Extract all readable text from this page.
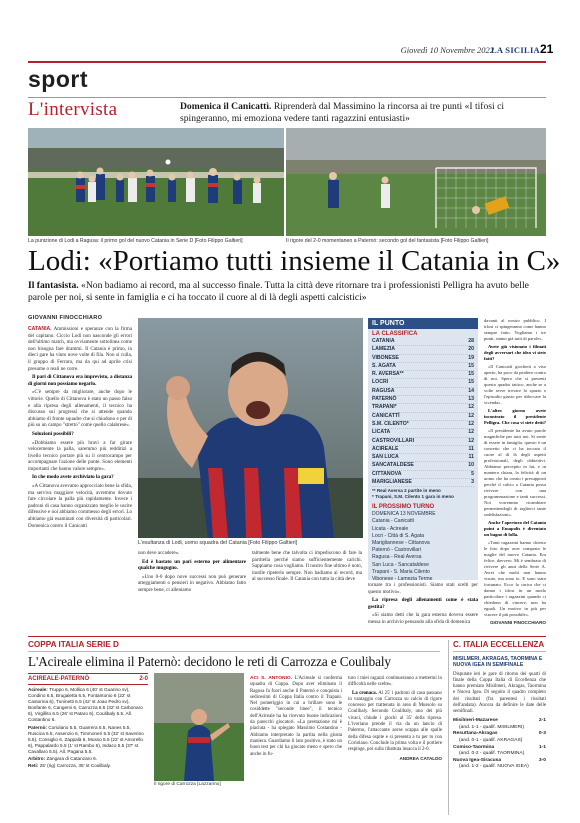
Giovedì 10 Novembre 2022
LA SICILIA 21
sport
L'intervista	Domenica il Canicattì. Riprenderà dal Massimino la rincorsa ai tre punti «I tifosi ci spingeranno, mi emoziona vedere tanti ragazzini entusiasti»
La punizione di Lodi a Ragusa: il primo gol del nuovo Catania in Serie D [Foto Filippo Galtieri]	Il rigore del 2-0 momentaneo a Paternò: secondo gol del fantasista [Foto Filippo Galtieri]
Lodi: «Portiamo tutti insieme il Catania in C»
Il fantasista. «Non badiamo ai record, ma al successo finale. Tutta la città deve ritornare tra i professionisti Pelligra ha avuto belle parole per noi, si sente in famiglia e ci ha toccato il cuore al di là degli aspetti calcistici»
GIOVANNI FINOCCHIARO

CATANIA. Ammissioni e speranze con la firma del capitano. Ciccio Lodi non nasconde gli errori dell'ultimo match, ma ovviamente sottolinea come non bisogna fare drammi. Il Catania è primo, in dieci gare ha vinto nove volte di fila. Non si culla, il gruppo di Ferraro, ma da qui ad aprile crisi presume o reali ne corre.

Il pari di Cittanova era imprevisto, a distanza di giorni non possiamo negarlo.

«C'è sempre da migliorare, anche dopo le vittorie. Quello di Cittanova è stato un passo falso e alla ripresa degli allenamenti, il tecnico ha discusso sui progressi che si attende quando abbiamo di fronte squadre che si chiudono e per di più su un campo "stretto" come quello calabrese».

Soluzioni possibili?

«Dobbiamo essere più bravi a far girare velocemente la palla, saremmo più redditizi a livello tecnico portare più su il centrocampo per accompagnare l'azione delle punte. Sono elementi importanti che hanno valore sempre».

In che modo avete archiviato la gara?

«A Cittanova avevamo approcciato bene la sfida, ma serviva maggiore velocità, avremmo dovuto fare circolare la palla più rapidamente. Invece i padroni di casa hanno organizzato meglio le uscite difensive e noi abbiamo commesso degli errori. Lo abbiamo già esaminati con diversità di particolari. Domenica contro il Canicattì

L'esultanza di Lodi, uomo squadra del Catania [Foto Filippo Galtieri]

non deve accadere».

Ed è bastato un pari esterno per alimentare qualche mugugno.

«Uno 0-0 dopo nove successi non può generare atteggiamenti o pensieri in negativo. Abbiamo fatto sempre bene, ci alleniamo

talmente bene che talvolta ci impediscono di fare la partitella perché siamo sufficientemente carichi. Sappiamo cosa vogliamo. Il nostro fine ultimo è noto, inutile ripeterlo sempre. Non badiamo ai record, ma al successo finale. Il Catania con tutta la città deve

IL PUNTO
LA CLASSIFICA
CATANIA	28
LAMEZIA	20
VIBONESE	19
S. AGATA	15
R. AVERSA**	15
LOCRI	15
RAGUSA	14
PATERNÒ	13
TRAPANI*	12
CANICATTÌ	12
S.M. CILENTO*	12
LICATA	12
CASTROVILLARI	12
ACIREALE	11
SAN LUCA	11
SANCATALDESE	10
CITTANOVA	5
MARIGLIANESE	3
** Real Aversa 2 partite in meno
* Trapani, S.M. Cilento 1 gara in meno
IL PROSSIMO TURNO
DOMENICA 13 NOVEMBRE
Catania - Canicattì
Licata - Acireale
Locri - Città di S. Agata
Marigliannese - Cittanova
Paternò - Castrovillari
Ragusa - Real Aversa
San Luca - Sancataldese
Trapani - S. Maria Cilento
Vibonese - Lamezia Terme

tornare tra i professionisti. Siamo stati scelti per questo motivo».

La ripresa degli allenamenti come è stata gestita?

«Si siamo detti che la gara esterna doveva essere messa in archivio pensando alla sfida di domenica

davanti al nostro pubblico. I tifosi ci spingeranno come hanno sempre fatto. Vogliamo i tre punti, siamo già tutti di parole».

Avete già visionato i filmati degli avversari che idea vi siete fatti?

«Il Canicattì giocherà a viso aperto, ha poco da perdere contro di noi. Spero che si presenti questo quadro tattico, anche se a volte serve trovare lo spazio e l'episodio giusto per sbloccare la vicenda».

L'altro giorno avete incontrato il presidente Pelligra. Che cosa vi siete detti?

«Il presidente ha avuto parole magnifiche per tutti noi. Si sente di essere in famiglia, questo è un concetto che ci ha toccato il cuore al di là degli aspetti professionali, degli obbiettivi. Abbiamo percepito in lui, e in maniera chiara, la felicità di un uomo che ha creato i presupposti perché il calcio a Catania possa rivivere con una programmazione e tanti successi. Noi vorremmo ricambiare permettendogli di toglierci tante soddisfazioni».

Anche l'apertura del Catania point a Emapolis è diventato un bagno di folla.

«Tanti ragazzini hanno chiesto le foto dopo aver comprato le maglie del nuovo Catania. Era felice, davvero. Mi è sembrato di rivivere gli anni della Serie A. Avrei che molti non hanno visuto, ma sono io. E sono stato fortunato. Ecco la carica che ci danno i tifosi in un modo particolare i ragazzini quando ci chiedono di vincere, non ha eguali. Un motivo in più per vincere il più possibile».

GIOVANNI FINOCCHIARO

COPPA ITALIA SERIE D
L'Acireale elimina il Paternò: decidono le reti di Carrozza e Coulibaly
ACIREALE-PATERNÒ	2-0
Acireale: Truppo 6, Mollica 6 (40' st Guarino sv), Condino 6.5, Brugaletta 6.5, Fontantonio 6 (22' st Castorina 6), Tuninetti 6.5 (42' st Joao Pedro sv), Bonfante 6, Cangemi 6, Carrozza 6.5 (32' st Carbonaro 6), Virgillito 6.5 (26' st Pataro 6), Coulibaly 6.5. All. Costantino 6.
Paternò: Coriolano 5.5, Guarrera 5.5, Nanes 5.5, Ruscica 5.5, Assenzio 6, Timmoneri 5.5 (32' st Saverino 5.5), Consiglio 6, Zappalà 6, Musso 5.5 (22' st Amorello 6), Pappalardo 5.5 (1' st Rambo 6), Indaco 5.5 (37' st Cavallaro 5.5). All. Pagana 5.5.
Arbitro: Zangara di Catanzaro 6.
Reti: 25' (rig) Carrozza, 35' st Coulibaly.
Il rigore di Carrozza [Lazzarino]

ACI S. ANTONIO. L'Acireale si conferma squadra di Coppa. Dopo aver eliminato il Ragusa fa fuori anche il Paternò e conquista i sedicesimi di Coppa Italia contro il Trapani. Nel pomeriggio in cui a brillare sono le cosiddette "seconde linee", il tecnico dell'Acireale ha ha ricevuto buone indicazioni da parecchi giocatori. «La prestazione mi è piaciuta - ha spiegato Massimo Costantino - Abbiamo interpretato la partita nella giusta maniera. Guardiamo il lato positivo, è stato un buon test per chi ha giocato meno e spero che anche in fu-

turo i miei ragazzi continueranno a mettermi in difficoltà nelle scelte».

La cronaca. Al 25' i padroni di casa passano in vantaggio con Carrozza su calcio di rigore concesso per trattenuta in area di Mussolo su Coulibaly. Secondo Coulibaly, uno dei più vivaci, chiude i giochi al 35' della ripresa. L'ivoriano prende il via da un lancio di Palermo, l'attaccante aorse scappa alle spalle della difesa ospite e si presenta a tu per tu con Coriolano. Conclude la prima volta e il portiere respinge, poi sulla ribattuta insacca il 2-0.

ANDREA CATALDO

C. ITALIA ECCELLENZA
MISILMERI, AKRAGAS, TAORMINA E NUOVA IGEA IN SEMIFINALE
Disputate ieri le gare di ritorno dei quarti di finale della Coppa Italia di Eccellenza che hanno premiato Misilmeri, Akragas, Taormina e Nuova Igea. Di seguito il quadro completo dei risultati (fra parentesi i risultati dell'andata). Ancora da definire le date delle semifinali.
Misilmeri-Mazarese	2-1
(and. 1-1 - qualif. MISILMERI)
Resuttana-Akragas	0-3
(and. 0-1 - qualif. AKRAGAS)
Comiso-Taormina	1-1
(and. 0-2 - qualif. TAORMINA)
Nuova Igea-Siracusa	3-0
(and. 1-2 - qualif. NUOVA IGEA)
